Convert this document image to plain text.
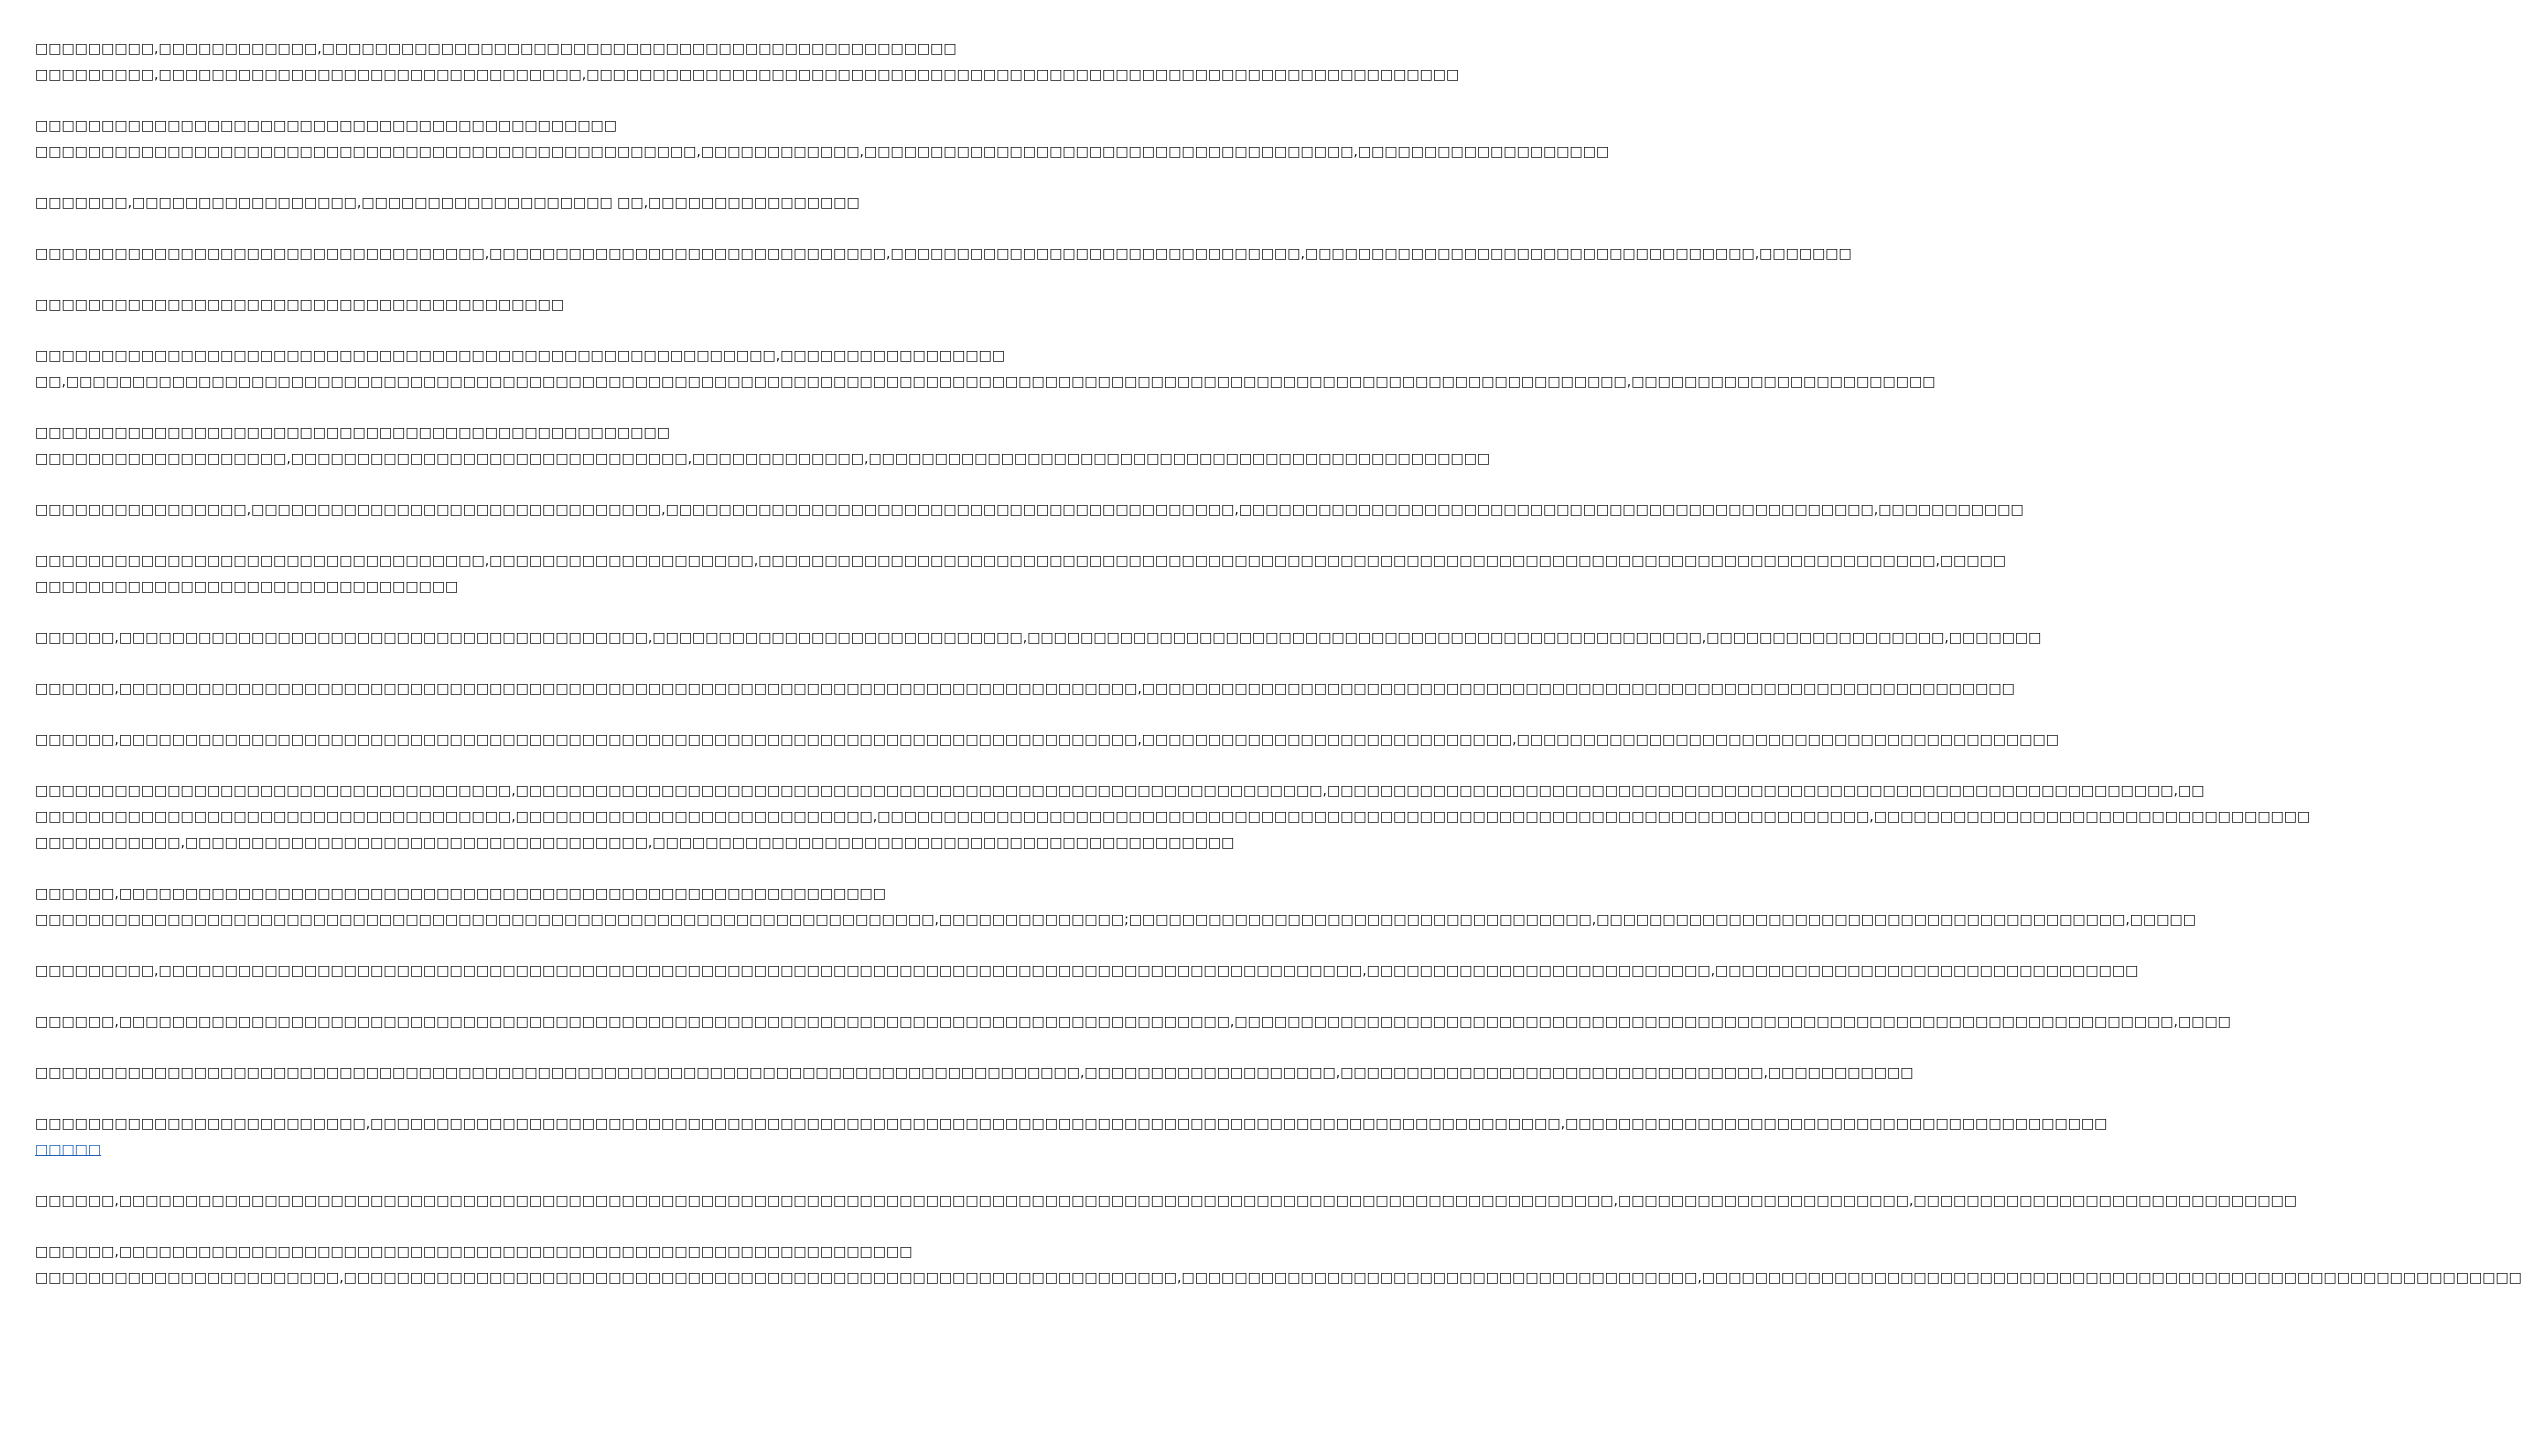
□□□□□□□□□,□□□□□□□□□□□□,□□□□□□□□□□□□□□□□□□□□□□□□□□□□□□□□□□□□□□□□□□□□□□□□
□□□□□□□□□,□□□□□□□□□□□□□□□□□□□□□□□□□□□□□□□□,□□□□□□□□□□□□□□□□□□□□□□□□□□□□□□□□□□□□□□□□□□□□□□□□□□□□□□□□□□□□□□□□□□
□□□□□□□□□□□□□□□□□□□□□□□□□□□□□□□□□□□□□□□□□□□□
□□□□□□□□□□□□□□□□□□□□□□□□□□□□□□□□□□□□□□□□□□□□□□□□□□,□□□□□□□□□□□□,□□□□□□□□□□□□□□□□□□□□□□□□□□□□□□□□□□□□□,□□□□□□□□□□□□□□□□□□□
□□□□□□□,□□□□□□□□□□□□□□□□□,□□□□□□□□□□□□□□□□□□□ □□,□□□□□□□□□□□□□□□□
□□□□□□□□□□□□□□□□□□□□□□□□□□□□□□□□□□,□□□□□□□□□□□□□□□□□□□□□□□□□□□□□□,□□□□□□□□□□□□□□□□□□□□□□□□□□□□□□□,□□□□□□□□□□□□□□□□□□□□□□□□□□□□□□□□□□,□□□□□□□
□□□□□□□□□□□□□□□□□□□□□□□□□□□□□□□□□□□□□□□□
□□□□□□□□□□□□□□□□□□□□□□□□□□□□□□□□□□□□□□□□□□□□□□□□□□□□□□□□,□□□□□□□□□□□□□□□□□
□□,□□□□□□□□□□□□□□□□□□□□□□□□□□□□□□□□□□□□□□□□□□□□□□□□□□□□□□□□□□□□□□□□□□□□□□□□□□□□□□□□□□□□□□□□□□□□□□□□□□□□□□□□□□□□□□□□□□□□□□,□□□□□□□□□□□□□□□□□□□□□□□
□□□□□□□□□□□□□□□□□□□□□□□□□□□□□□□□□□□□□□□□□□□□□□□□
□□□□□□□□□□□□□□□□□□□,□□□□□□□□□□□□□□□□□□□□□□□□□□□□□□,□□□□□□□□□□□□□,□□□□□□□□□□□□□□□□□□□□□□□□□□□□□□□□□□□□□□□□□□□□□□□
□□□□□□□□□□□□□□□□,□□□□□□□□□□□□□□□□□□□□□□□□□□□□□□□,□□□□□□□□□□□□□□□□□□□□□□□□□□□□□□□□□□□□□□□□□□□,□□□□□□□□□□□□□□□□□□□□□□□□□□□□□□□□□□□□□□□□□□□□□□□□,□□□□□□□□□□□
□□□□□□□□□□□□□□□□□□□□□□□□□□□□□□□□□□,□□□□□□□□□□□□□□□□□□□□,□□□□□□□□□□□□□□□□□□□□□□□□□□□□□□□□□□□□□□□□□□□□□□□□□□□□□□□□□□□□□□□□□□□□□□□□□□□□□□□□□□□□□□□□□,□□□□□
□□□□□□□□□□□□□□□□□□□□□□□□□□□□□□□□
□□□□□□,□□□□□□□□□□□□□□□□□□□□□□□□□□□□□□□□□□□□□□□□,□□□□□□□□□□□□□□□□□□□□□□□□□□□□,□□□□□□□□□□□□□□□□□□□□□□□□□□□□□□□□□□□□□□□□□□□□□□□□□□□,□□□□□□□□□□□□□□□□□□,□□□□□□□
□□□□□□,□□□□□□□□□□□□□□□□□□□□□□□□□□□□□□□□□□□□□□□□□□□□□□□□□□□□□□□□□□□□□□□□□□□□□□□□□□□□□,□□□□□□□□□□□□□□□□□□□□□□□□□□□□□□□□□□□□□□□□□□□□□□□□□□□□□□□□□□□□□□□□□□
□□□□□□,□□□□□□□□□□□□□□□□□□□□□□□□□□□□□□□□□□□□□□□□□□□□□□□□□□□□□□□□□□□□□□□□□□□□□□□□□□□□□,□□□□□□□□□□□□□□□□□□□□□□□□□□□□,□□□□□□□□□□□□□□□□□□□□□□□□□□□□□□□□□□□□□□□□□
□□□□□□□□□□□□□□□□□□□□□□□□□□□□□□□□□□□□,□□□□□□□□□□□□□□□□□□□□□□□□□□□□□□□□□□□□□□□□□□□□□□□□□□□□□□□□□□□□□,□□□□□□□□□□□□□□□□□□□□□□□□□□□□□□□□□□□□□□□□□□□□□□□□□□□□□□□□□□□□□□□□,□□
□□□□□□□□□□□□□□□□□□□□□□□□□□□□□□□□□□□□,□□□□□□□□□□□□□□□□□□□□□□□□□□□,□□□□□□□□□□□□□□□□□□□□□□□□□□□□□□□□□□□□□□□□□□□□□□□□□□□□□□□□□□□□□□□□□□□□□□□□□□□,□□□□□□□□□□□□□□□□□□□□□□□□□□□□□□□□□
□□□□□□□□□□□,□□□□□□□□□□□□□□□□□□□□□□□□□□□□□□□□□□□,□□□□□□□□□□□□□□□□□□□□□□□□□□□□□□□□□□□□□□□□□□□□
□□□□□□,□□□□□□□□□□□□□□□□□□□□□□□□□□□□□□□□□□□□□□□□□□□□□□□□□□□□□□□□□□
□□□□□□□□□□□□□□□□□□□□□□□□□□□□□□□□□□□□□□□□□□□□□□□□□□□□□□□□□□□□□□□□□□□□,□□□□□□□□□□□□□□;□□□□□□□□□□□□□□□□□□□□□□□□□□□□□□□□□□□,□□□□□□□□□□□□□□□□□□□□□□□□□□□□□□□□□□□□□□□□,□□□□□
□□□□□□□□□,□□□□□□□□□□□□□□□□□□□□□□□□□□□□□□□□□□□□□□□□□□□□□□□□□□□□□□□□□□□□□□□□□□□□□□□□□□□□□□□□□□□□□□□□□□□,□□□□□□□□□□□□□□□□□□□□□□□□□□,□□□□□□□□□□□□□□□□□□□□□□□□□□□□□□□□
□□□□□□,□□□□□□□□□□□□□□□□□□□□□□□□□□□□□□□□□□□□□□□□□□□□□□□□□□□□□□□□□□□□□□□□□□□□□□□□□□□□□□□□□□□□,□□□□□□□□□□□□□□□□□□□□□□□□□□□□□□□□□□□□□□□□□□□□□□□□□□□□□□□□□□□□□□□□□□□□□□□,□□□□
□□□□□□□□□□□□□□□□□□□□□□□□□□□□□□□□□□□□□□□□□□□□□□□□□□□□□□□□□□□□□□□□□□□□□□□□□□□□□□□,□□□□□□□□□□□□□□□□□□□,□□□□□□□□□□□□□□□□□□□□□□□□□□□□□□□□,□□□□□□□□□□□
□□□□□□□□□□□□□□□□□□□□□□□□□,□□□□□□□□□□□□□□□□□□□□□□□□□□□□□□□□□□□□□□□□□□□□□□□□□□□□□□□□□□□□□□□□□□□□□□□□□□□□□□□□□□□□□□□□□□,□□□□□□□□□□□□□□□□□□□□□□□□□□□□□□□□□□□□□□□□□
□□□□□
□□□□□□,□□□□□□□□□□□□□□□□□□□□□□□□□□□□□□□□□□□□□□□□□□□□□□□□□□□□□□□□□□□□□□□□□□□□□□□□□□□□□□□□□□□□□□□□□□□□□□□□□□□□□□□□□□□□□□□□□,□□□□□□□□□□□□□□□□□□□□□□,□□□□□□□□□□□□□□□□□□□□□□□□□□□□□
□□□□□□,□□□□□□□□□□□□□□□□□□□□□□□□□□□□□□□□□□□□□□□□□□□□□□□□□□□□□□□□□□□□
□□□□□□□□□□□□□□□□□□□□□□□,□□□□□□□□□□□□□□□□□□□□□□□□□□□□□□□□□□□□□□□□□□□□□□□□□□□□□□□□□□□□□□□,□□□□□□□□□□□□□□□□□□□□□□□□□□□□□□□□□□□□□□□,□□□□□□□□□□□□□□□□□□□□□□□□□□□□□□□□□□□□□□□□□□□□□□□□□□□□□□□□□□□□□□
